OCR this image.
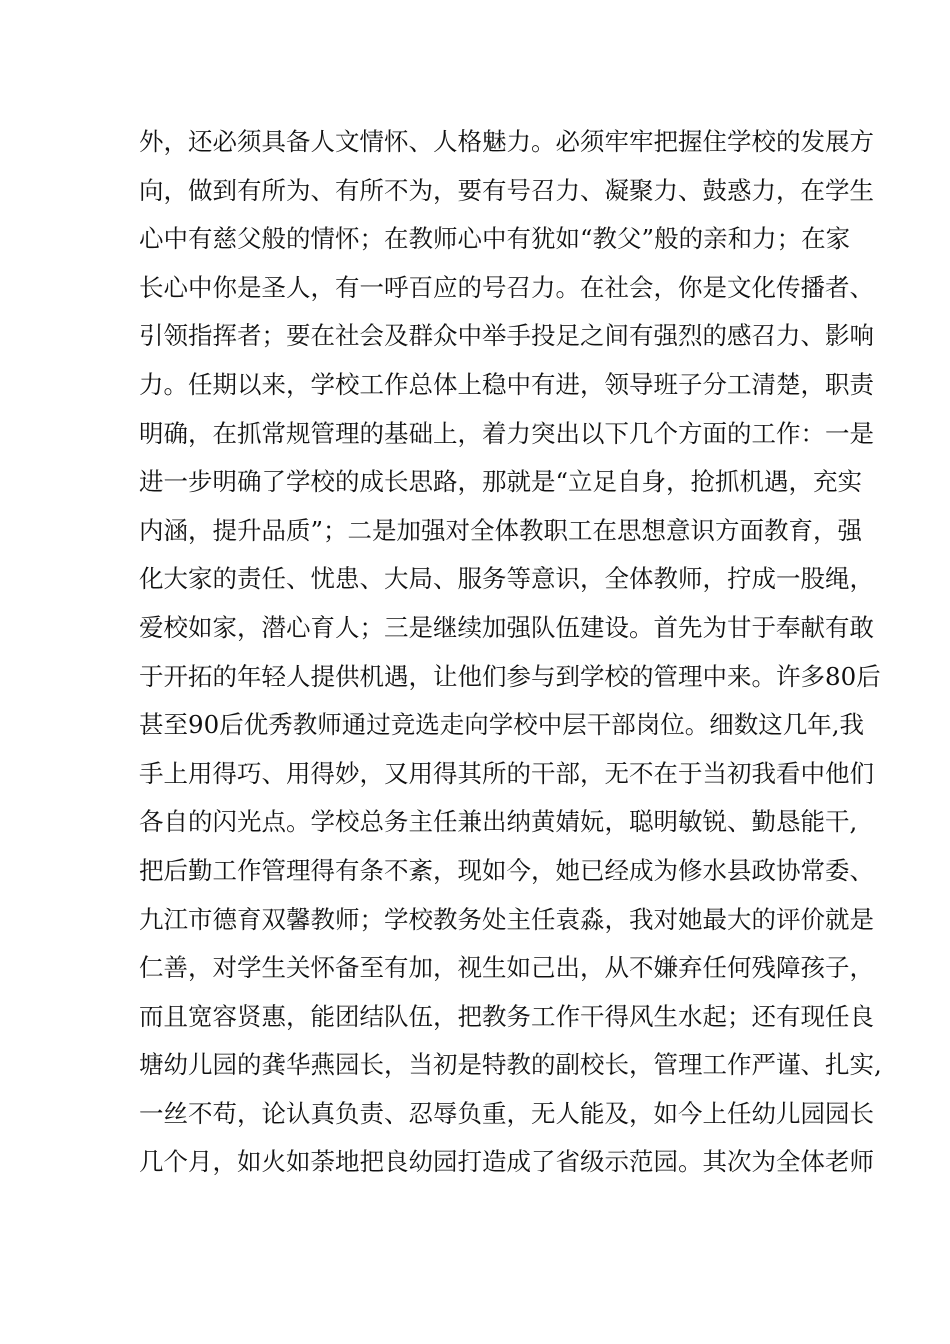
外 ， 还 必 须 具 备 人 文 情 怀 、 人 格 魅 力 。 必 须 牢 牢 把 握 住 学 校 的 发 展 方
向 ， 做 到 有 所 为 、 有 所 不 为 ， 要 有 号 召 力 、 凝 聚 力 、 鼓 惑 力 ， 在 学 生
心 中 有 慈 父 般 的 情 怀 ； 在 教 师 心 中 有 犹 如 “ 教 父 ” 般 的 亲 和 力 ； 在 家
长 心 中 你 是 圣 人 ， 有 一 呼 百 应 的 号 召 力 。 在 社 会 ， 你 是 文 化 传 播 者 、
引 领 指 挥 者 ； 要 在 社 会 及 群 众 中 举 手 投 足 之 间 有 强 烈 的 感 召 力 、 影 响
力 。 任 期 以 来 ， 学 校 工 作 总 体 上 稳 中 有 进 ， 领 导 班 子 分 工 清 楚 ， 职 责
明 确 ， 在 抓 常 规 管 理 的 基 础 上 ， 着 力 突 出 以 下 几 个 方 面 的 工 作 ： 一 是
进 一 步 明 确 了 学 校 的 成 长 思 路 ， 那 就 是 “ 立 足 自 身 ， 抢 抓 机 遇 ， 充 实
内 涵 ， 提 升 品 质 ” ； 二 是 加 强 对 全 体 教 职 工 在 思 想 意 识 方 面 教 育 ， 强
化 大 家 的 责 任 、 忧 患 、 大 局 、 服 务 等 意 识 ， 全 体 教 师 ， 拧 成 一 股 绳 ，
爱 校 如 家 ， 潜 心 育 人 ； 三 是 继 续 加 强 队 伍 建 设 。 首 先 为 甘 于 奉 献 有 敢
于 开 拓 的 年 轻 人 提 供 机 遇 ， 让 他 们 参 与 到 学 校 的 管 理 中 来 。 许 多 80 后
甚 至 90 后 优 秀 教 师 通 过 竞 选 走 向 学 校 中 层 干 部 岗 位 。 细 数 这 几 年 , 我
手 上 用 得 巧 、 用 得 妙 ， 又 用 得 其 所 的 干 部 ， 无 不 在 于 当 初 我 看 中 他 们
各 自 的 闪 光 点 。 学 校 总 务 主 任 兼 出 纳 黄 婧 妧 ， 聪 明 敏 锐 、 勤 恳 能 干 ,
把 后 勤 工 作 管 理 得 有 条 不 紊 ， 现 如 今 ， 她 已 经 成 为 修 水 县 政 协 常 委 、
九 江 市 德 育 双 馨 教 师 ； 学 校 教 务 处 主 任 袁 淼 ， 我 对 她 最 大 的 评 价 就 是
仁 善 ， 对 学 生 关 怀 备 至 有 加 ， 视 生 如 己 出 ， 从 不 嫌 弃 任 何 残 障 孩 子 ，
而 且 宽 容 贤 惠 ， 能 团 结 队 伍 ， 把 教 务 工 作 干 得 风 生 水 起 ； 还 有 现 任 良
塘 幼 儿 园 的 龚 华 燕 园 长 ， 当 初 是 特 教 的 副 校 长 ， 管 理 工 作 严 谨 、 扎 实 ,
一 丝 不 苟 ， 论 认 真 负 责 、 忍 辱 负 重 ， 无 人 能 及 ， 如 今 上 任 幼 儿 园 园 长
几 个 月 ， 如 火 如 荼 地 把 良 幼 园 打 造 成 了 省 级 示 范 园 。 其 次 为 全 体 老 师
